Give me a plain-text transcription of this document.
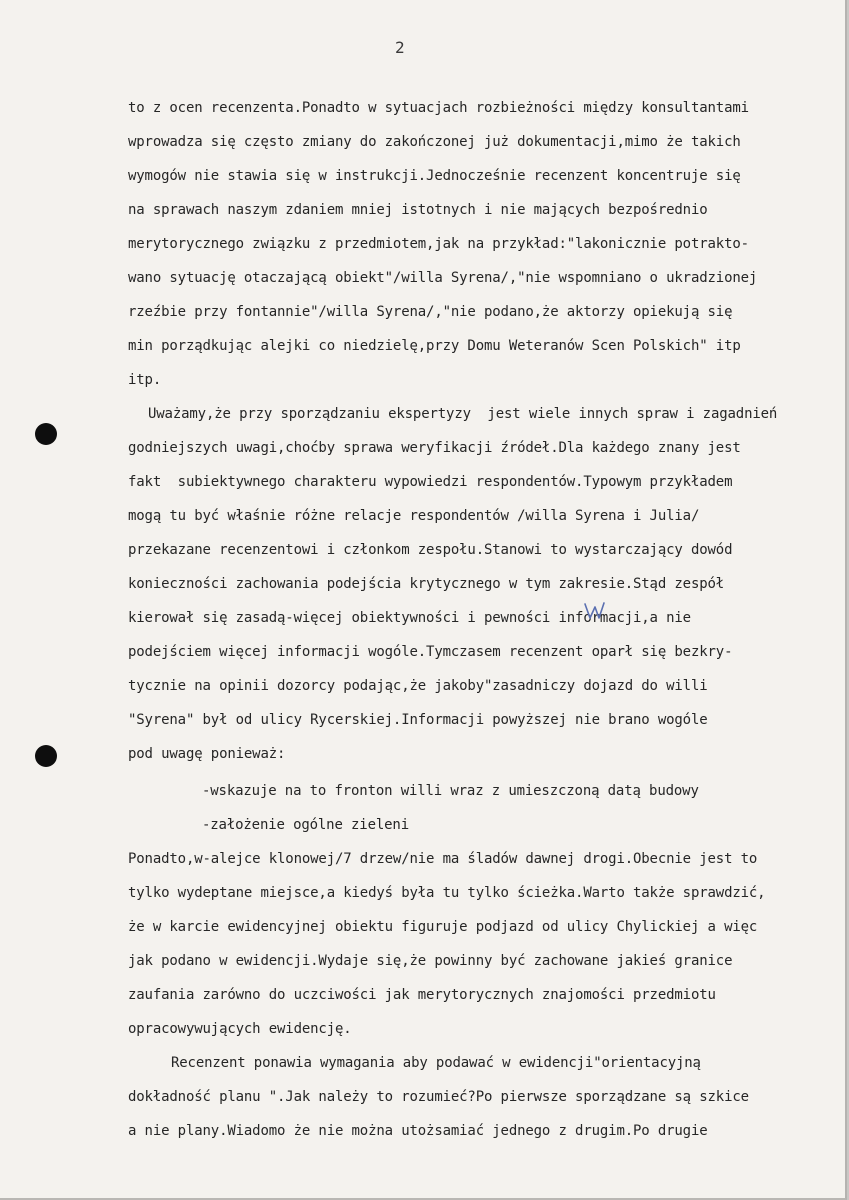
2

to z ocen recenzenta.Ponadto w sytuacjach rozbieżności między konsultantami

wprowadza się często zmiany do zakończonej już dokumentacji,mimo że takich

wymogów nie stawia się w instrukcji.Jednocześnie recenzent koncentruje się

na sprawach naszym zdaniem mniej istotnych i nie mających bezpośrednio

merytorycznego związku z przedmiotem,jak na przykład:"lakonicznie potrakto-

wano sytuację otaczającą obiekt"/willa Syrena/,"nie wspomniano o ukradzionej

rzeźbie przy fontannie"/willa Syrena/,"nie podano,że aktorzy opiekują się

min porządkując alejki co niedzielę,przy Domu Weteranów Scen Polskich" itp

itp.

Uważamy,że przy sporządzaniu ekspertyzy  jest wiele innych spraw i zagadnień

godniejszych uwagi,choćby sprawa weryfikacji źródeł.Dla każdego znany jest

fakt  subiektywnego charakteru wypowiedzi respondentów.Typowym przykładem

mogą tu być właśnie różne relacje respondentów /willa Syrena i Julia/

przekazane recenzentowi i członkom zespołu.Stanowi to wystarczający dowód

konieczności zachowania podejścia krytycznego w tym zakresie.Stąd zespół

kierował się zasadą-więcej obiektywności i pewności informacji,a nie

podejściem więcej informacji wogóle.Tymczasem recenzent oparł się bezkry-

tycznie na opinii dozorcy podając,że jakoby"zasadniczy dojazd do willi

"Syrena" był od ulicy Rycerskiej.Informacji powyższej nie brano wogóle

pod uwagę ponieważ:

-wskazuje na to fronton willi wraz z umieszczoną datą budowy

-założenie ogólne zieleni

Ponadto,w-alejce klonowej/7 drzew/nie ma śladów dawnej drogi.Obecnie jest to

tylko wydeptane miejsce,a kiedyś była tu tylko ścieżka.Warto także sprawdzić,

że w karcie ewidencyjnej obiektu figuruje podjazd od ulicy Chylickiej a więc

jak podano w ewidencji.Wydaje się,że powinny być zachowane jakieś granice

zaufania zarówno do uczciwości jak merytorycznych znajomości przedmiotu

opracowywujących ewidencję.

Recenzent ponawia wymagania aby podawać w ewidencji"orientacyjną

dokładność planu ".Jak należy to rozumieć?Po pierwsze sporządzane są szkice

a nie plany.Wiadomo że nie można utożsamiać jednego z drugim.Po drugie
